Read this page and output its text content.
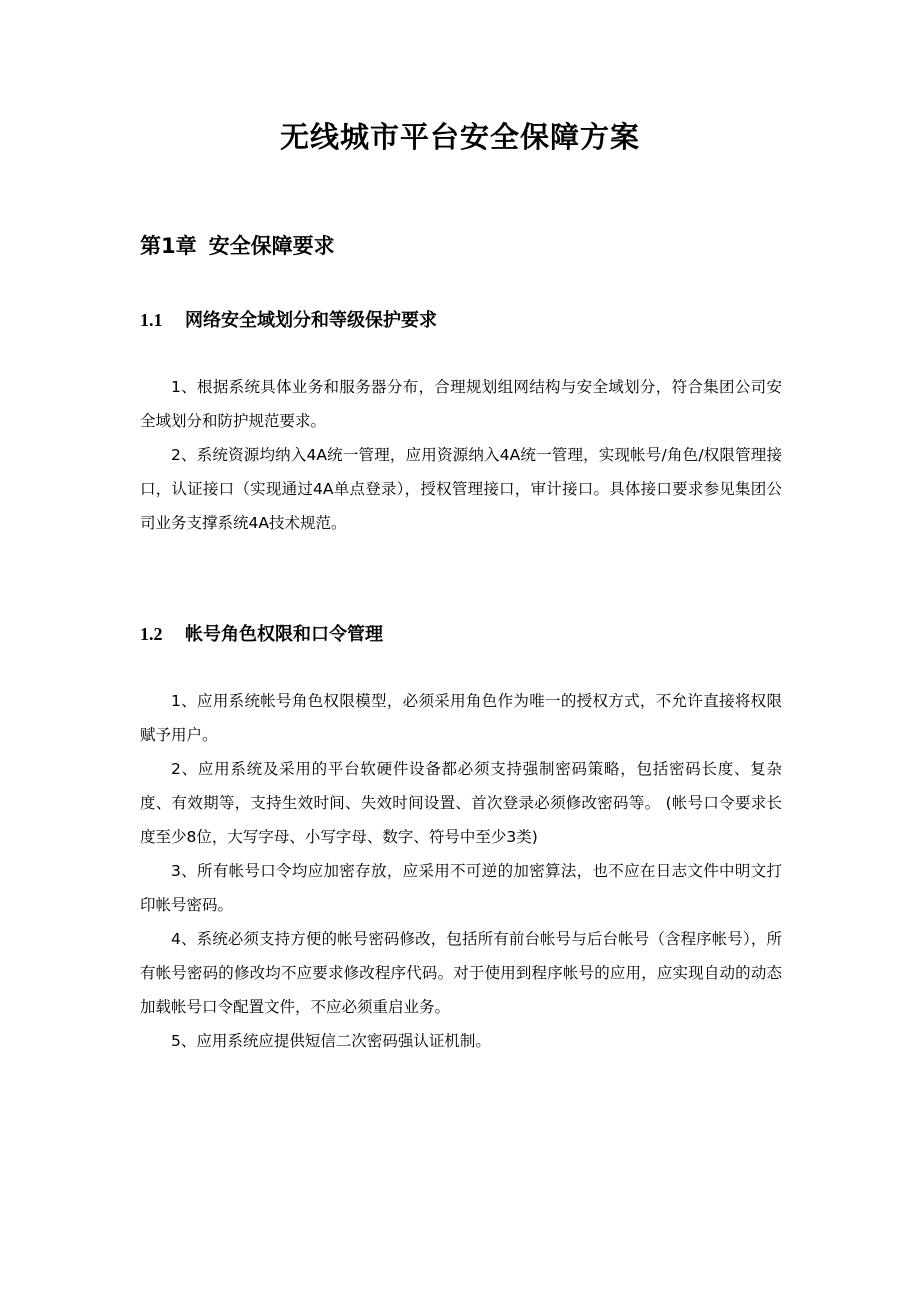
无线城市平台安全保障方案
第1章 安全保障要求
1.1 网络安全域划分和等级保护要求

1、根据系统具体业务和服务器分布，合理规划组网结构与安全域划分，符合集团公司安全域划分和防护规范要求。

2、系统资源均纳入4A统一管理，应用资源纳入4A统一管理，实现帐号/角色/权限管理接口，认证接口（实现通过4A单点登录），授权管理接口，审计接口。具体接口要求参见集团公司业务支撑系统4A技术规范。

1.2 帐号角色权限和口令管理

1、应用系统帐号角色权限模型，必须采用角色作为唯一的授权方式，不允许直接将权限赋予用户。

2、应用系统及采用的平台软硬件设备都必须支持强制密码策略，包括密码长度、复杂度、有效期等，支持生效时间、失效时间设置、首次登录必须修改密码等。 (帐号口令要求长度至少8位，大写字母、小写字母、数字、符号中至少3类)

3、所有帐号口令均应加密存放，应采用不可逆的加密算法，也不应在日志文件中明文打印帐号密码。

4、系统必须支持方便的帐号密码修改，包括所有前台帐号与后台帐号（含程序帐号），所有帐号密码的修改均不应要求修改程序代码。对于使用到程序帐号的应用，应实现自动的动态加载帐号口令配置文件，不应必须重启业务。

5、应用系统应提供短信二次密码强认证机制。
